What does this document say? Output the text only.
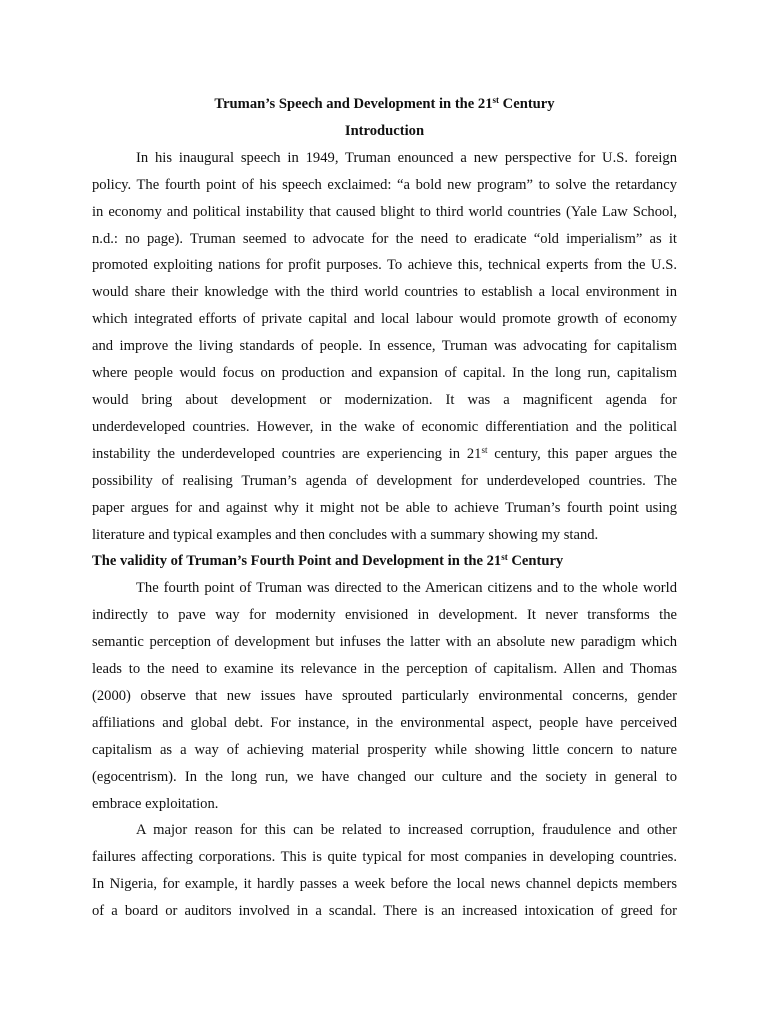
Truman’s Speech and Development in the 21st Century

Introduction

In his inaugural speech in 1949, Truman enounced a new perspective for U.S. foreign
policy. The fourth point of his speech exclaimed: “a bold new program” to solve the retardancy
in economy and political instability that caused blight to third world countries (Yale Law School,
n.d.: no page). Truman seemed to advocate for the need to eradicate “old imperialism” as it
promoted exploiting nations for profit purposes. To achieve this, technical experts from the U.S.
would share their knowledge with the third world countries to establish a local environment in
which integrated efforts of private capital and local labour would promote growth of economy
and improve the living standards of people. In essence, Truman was advocating for capitalism
where people would focus on production and expansion of capital. In the long run, capitalism
would bring about development or modernization. It was a magnificent agenda for
underdeveloped countries. However, in the wake of economic differentiation and the political
instability the underdeveloped countries are experiencing in 21st century, this paper argues the
possibility of realising Truman’s agenda of development for underdeveloped countries. The
paper argues for and against why it might not be able to achieve Truman’s fourth point using
literature and typical examples and then concludes with a summary showing my stand.

The validity of Truman’s Fourth Point and Development in the 21st Century

The fourth point of Truman was directed to the American citizens and to the whole world
indirectly to pave way for modernity envisioned in development. It never transforms the
semantic perception of development but infuses the latter with an absolute new paradigm which
leads to the need to examine its relevance in the perception of capitalism. Allen and Thomas
(2000) observe that new issues have sprouted particularly environmental concerns, gender
affiliations and global debt. For instance, in the environmental aspect, people have perceived
capitalism as a way of achieving material prosperity while showing little concern to nature
(egocentrism). In the long run, we have changed our culture and the society in general to
embrace exploitation.
A major reason for this can be related to increased corruption, fraudulence and other
failures affecting corporations. This is quite typical for most companies in developing countries.
In Nigeria, for example, it hardly passes a week before the local news channel depicts members
of a board or auditors involved in a scandal. There is an increased intoxication of greed for
